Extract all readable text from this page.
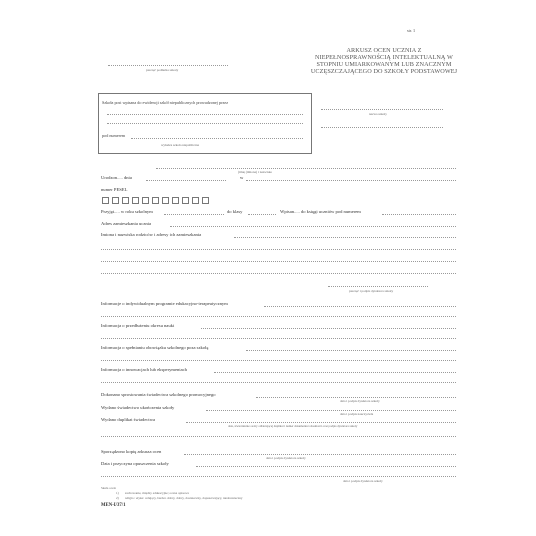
str. 1
pieczęć podłużna szkoły
ARKUSZ OCEN UCZNIA Z NIEPEŁNOSPRAWNOŚCIĄ INTELEKTUALNĄ W STOPNIU UMIARKOWANYM LUB ZNACZNYM UCZĘSZCZAJĄCEGO DO SZKOŁY PODSTAWOWEJ
nazwa szkoły
Szkoła post wpisana do ewidencji szkół niepublicznych prowadzonej przez
pod numerem
wyłudza szkoła niepubliczna
(imię (imiona) i nazwisko
Urodzon..... dnia	w
numer PESEL
Przyjęt..... w roku szkolnym	do klasy	Wpisan..... do księgi uczniów pod numerem
Adres zamieszkania ucznia
Imiona i nazwiska rodziców i adresy ich zamieszkania
pieczęć i podpis dyrektora szkoły
Informacje o indywidualnym programie edukacyjno-terapeutycznym
Informacja o przedłużeniu okresu nauki
Informacja o spełnianiu obowiązku szkolnego poza szkołą
Informacja o innowacjach lub eksperymentach
Dokonano sprostowania świadectwa szkolnego promocyjnego
data i podpis dyrektora szkoły
Wydano świadectwo ukończenia szkoły
data i podpis nauczyciela
Wydano duplikat świadectwa
data, stwierdzenie osoby odbierającej duplikat i numer dokumentu tożsamości oraz podpis dyrektora szkoły
Sporządzono kopię arkusza ocen
data i podpis dyrektora szkoły
Data i przyczyna opuszczenia szkoły
data i podpis dyrektora szkoły
Skala ocen:
1) zachowanie, między edukacyjne; ocena opisowa
2) religia / etyka: celujący, bardzo dobry, dobry, dostateczny, dopuszczający, niedostateczny
MEN-I/37/1
